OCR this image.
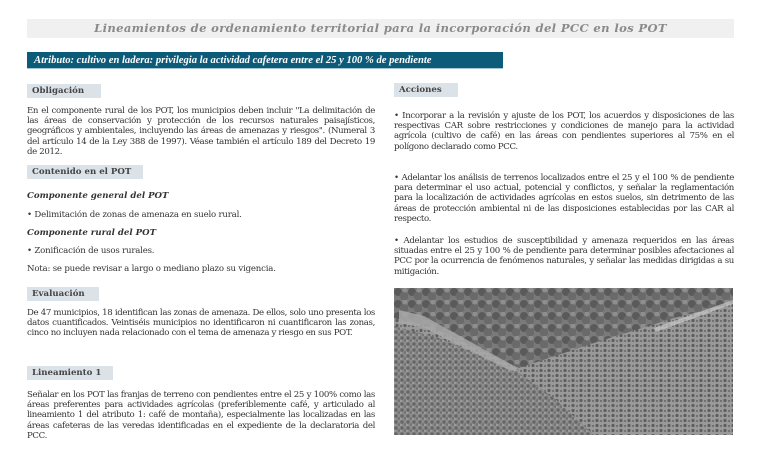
Lineamientos de ordenamiento territorial para la incorporación del PCC en los POT
Atributo: cultivo en ladera: privilegia la actividad cafetera entre el 25 y 100 % de pendiente
Obligación
En el componente rural de los POT, los municipios deben incluir "La delimitación de las áreas de conservación y protección de los recursos naturales paisajísticos, geográficos y ambientales, incluyendo las áreas de amenazas y riesgos". (Numeral 3 del artículo 14 de la Ley 388 de 1997). Véase también el artículo 189 del Decreto 19 de 2012.
Contenido en el POT
Componente general del POT
• Delimitación de zonas de amenaza en suelo rural.
Componente rural del POT
• Zonificación de usos rurales.
Nota: se puede revisar a largo o mediano plazo su vigencia.
Evaluación
De 47 municipios, 18 identifican las zonas de amenaza. De ellos, solo uno presenta los datos cuantificados. Veintiséis municipios no identificaron ni cuantificaron las zonas, cinco no incluyen nada relacionado con el tema de amenaza y riesgo en sus POT.
Lineamiento 1
Señalar en los POT las franjas de terreno con pendientes entre el 25 y 100% como las áreas preferentes para actividades agrícolas (preferiblemente café, y articulado al lineamiento 1 del atributo 1: café de montaña), especialmente las localizadas en las áreas cafeteras de las veredas identificadas en el expediente de la declaratoria del PCC.
Acciones
• Incorporar a la revisión y ajuste de los POT, los acuerdos y disposiciones de las respectivas CAR sobre restricciones y condiciones de manejo para la actividad agrícola (cultivo de café) en las áreas con pendientes superiores al 75% en el polígono declarado como PCC.
• Adelantar los análisis de terrenos localizados entre el 25 y el 100 % de pendiente para determinar el uso actual, potencial y conflictos, y señalar la reglamentación para la localización de actividades agrícolas en estos suelos, sin detrimento de las áreas de protección ambiental ni de las disposiciones establecidas por las CAR al respecto.
• Adelantar los estudios de susceptibilidad y amenaza requeridos en las áreas situadas entre el 25 y 100 % de pendiente para determinar posibles afectaciones al PCC por la ocurrencia de fenómenos naturales, y señalar las medidas dirigidas a su mitigación.
